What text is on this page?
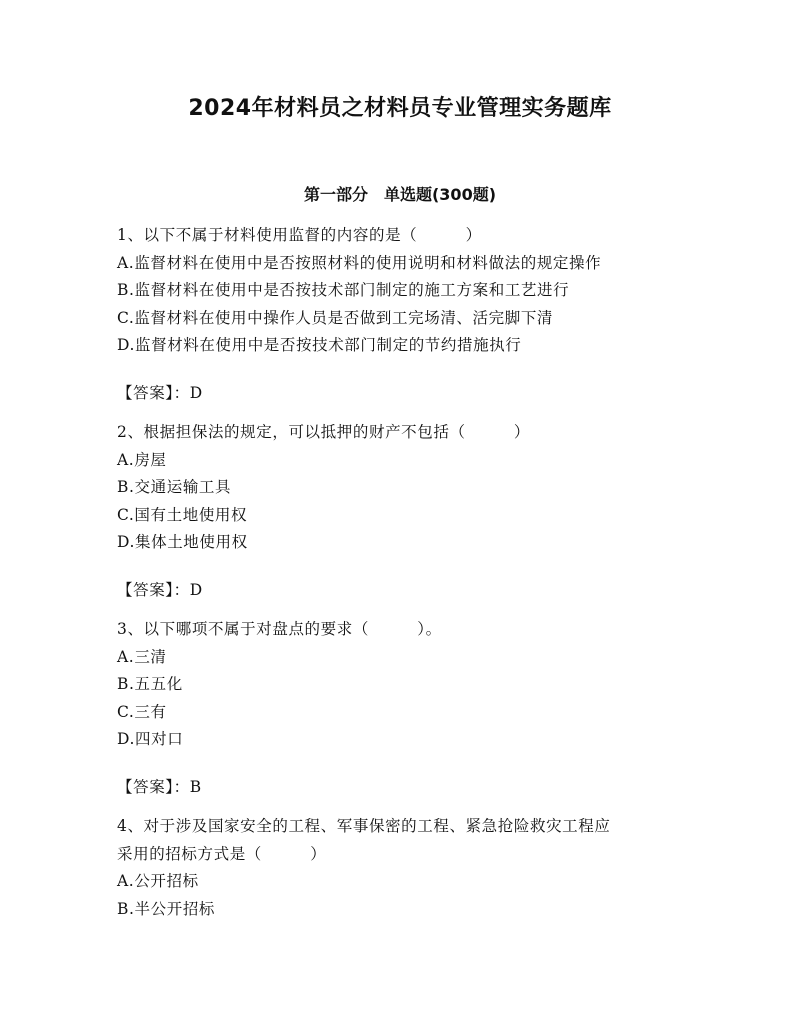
2024年材料员之材料员专业管理实务题库
第一部分　单选题(300题)
1、以下不属于材料使用监督的内容的是（　　　）
A.监督材料在使用中是否按照材料的使用说明和材料做法的规定操作
B.监督材料在使用中是否按技术部门制定的施工方案和工艺进行
C.监督材料在使用中操作人员是否做到工完场清、活完脚下清
D.监督材料在使用中是否按技术部门制定的节约措施执行
【答案】：D
2、根据担保法的规定，可以抵押的财产不包括（　　　）
A.房屋
B.交通运输工具
C.国有土地使用权
D.集体土地使用权
【答案】：D
3、以下哪项不属于对盘点的要求（　　　）。
A.三清
B.五五化
C.三有
D.四对口
【答案】：B
4、对于涉及国家安全的工程、军事保密的工程、紧急抢险救灾工程应
采用的招标方式是（　　　）
A.公开招标
B.半公开招标
